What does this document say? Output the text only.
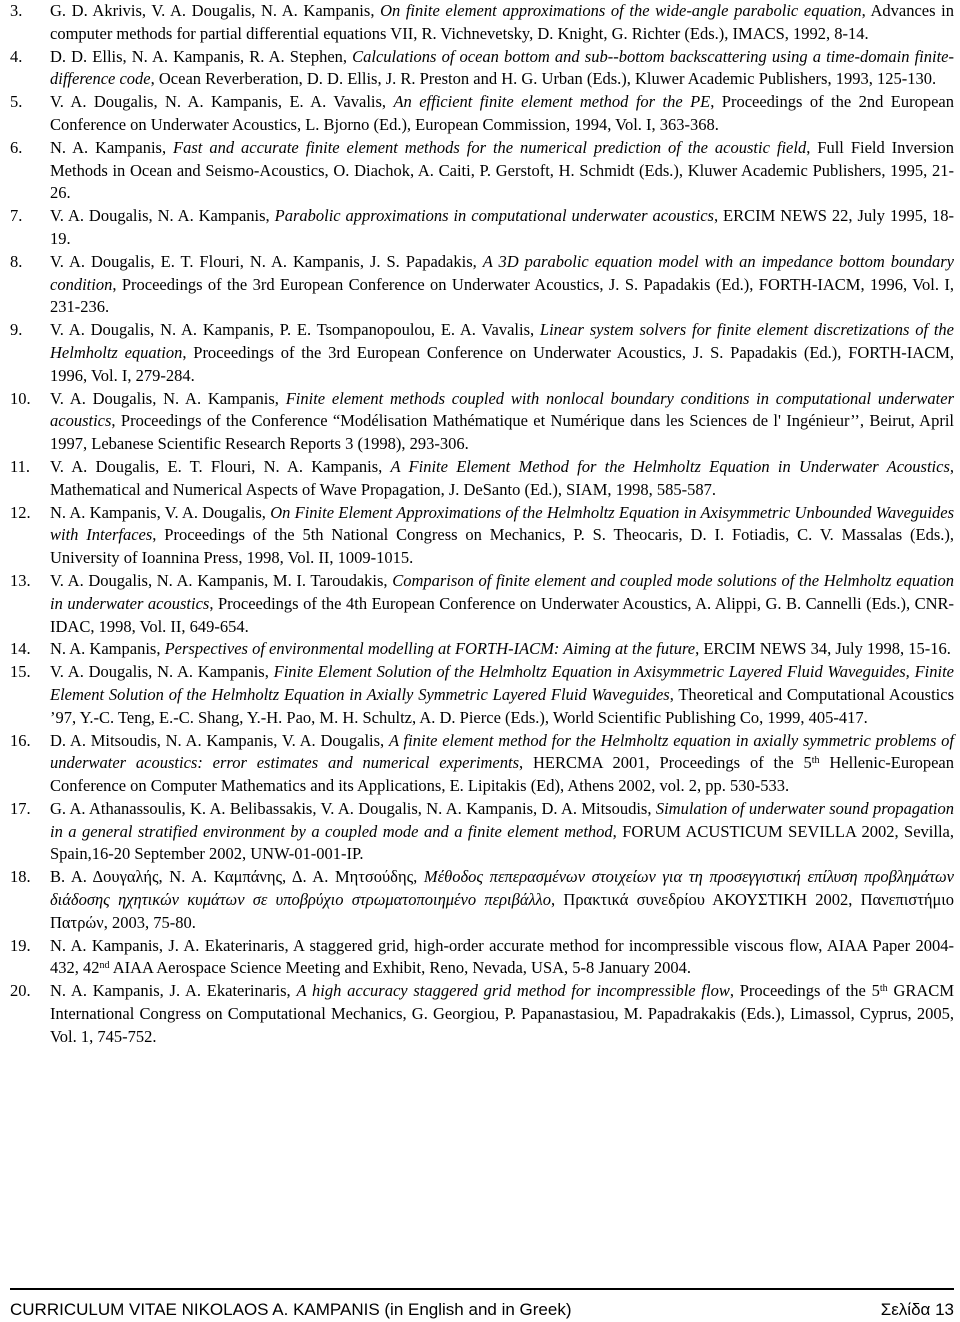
3. G. D. Akrivis, V. A. Dougalis, N. A. Kampanis, On finite element approximations of the wide-angle parabolic equation, Advances in computer methods for partial differential equations VII, R. Vichnevetsky, D. Knight, G. Richter (Eds.), IMACS, 1992, 8-14.
4. D. D. Ellis, N. A. Kampanis, R. A. Stephen, Calculations of ocean bottom and sub--bottom backscattering using a time-domain finite-difference code, Ocean Reverberation, D. D. Ellis, J. R. Preston and H. G. Urban (Eds.), Kluwer Academic Publishers, 1993, 125-130.
5. V. A. Dougalis, N. A. Kampanis, E. A. Vavalis, An efficient finite element method for the PE, Proceedings of the 2nd European Conference on Underwater Acoustics, L. Bjorno (Ed.), European Commission, 1994, Vol. I, 363-368.
6. N. A. Kampanis, Fast and accurate finite element methods for the numerical prediction of the acoustic field, Full Field Inversion Methods in Ocean and Seismo-Acoustics, O. Diachok, A. Caiti, P. Gerstoft, H. Schmidt (Eds.), Kluwer Academic Publishers, 1995, 21-26.
7. V. A. Dougalis, N. A. Kampanis, Parabolic approximations in computational underwater acoustics, ERCIM NEWS 22, July 1995, 18-19.
8. V. A. Dougalis, E. T. Flouri, N. A. Kampanis, J. S. Papadakis, A 3D parabolic equation model with an impedance bottom boundary condition, Proceedings of the 3rd European Conference on Underwater Acoustics, J. S. Papadakis (Ed.), FORTH-IACM, 1996, Vol. I, 231-236.
9. V. A. Dougalis, N. A. Kampanis, P. E. Tsompanopoulou, E. A. Vavalis, Linear system solvers for finite element discretizations of the Helmholtz equation, Proceedings of the 3rd European Conference on Underwater Acoustics, J. S. Papadakis (Ed.), FORTH-IACM, 1996, Vol. I, 279-284.
10. V. A. Dougalis, N. A. Kampanis, Finite element methods coupled with nonlocal boundary conditions in computational underwater acoustics, Proceedings of the Conference “Modélisation Mathématique et Numérique dans les Sciences de l' Ingénieur’’, Beirut, April 1997, Lebanese Scientific Research Reports 3 (1998), 293-306.
11. V. A. Dougalis, E. T. Flouri, N. A. Kampanis, A Finite Element Method for the Helmholtz Equation in Underwater Acoustics, Mathematical and Numerical Aspects of Wave Propagation, J. DeSanto (Ed.), SIAM, 1998, 585-587.
12. N. A. Kampanis, V. A. Dougalis, On Finite Element Approximations of the Helmholtz Equation in Axisymmetric Unbounded Waveguides with Interfaces, Proceedings of the 5th National Congress on Mechanics, P. S. Theocaris, D. I. Fotiadis, C. V. Massalas (Eds.), University of Ioannina Press, 1998, Vol. II, 1009-1015.
13. V. A. Dougalis, N. A. Kampanis, M. I. Taroudakis, Comparison of finite element and coupled mode solutions of the Helmholtz equation in underwater acoustics, Proceedings of the 4th European Conference on Underwater Acoustics, A. Alippi, G. B. Cannelli (Eds.), CNR-IDAC, 1998, Vol. II, 649-654.
14. N. A. Kampanis, Perspectives of environmental modelling at FORTH-IACM: Aiming at the future, ERCIM NEWS 34, July 1998, 15-16.
15. V. A. Dougalis, N. A. Kampanis, Finite Element Solution of the Helmholtz Equation in Axisymmetric Layered Fluid Waveguides, Finite Element Solution of the Helmholtz Equation in Axially Symmetric Layered Fluid Waveguides, Theoretical and Computational Acoustics ’97, Y.-C. Teng, E.-C. Shang, Y.-H. Pao, M. H. Schultz, A. D. Pierce (Eds.), World Scientific Publishing Co, 1999, 405-417.
16. D. A. Mitsoudis, N. A. Kampanis, V. A. Dougalis, A finite element method for the Helmholtz equation in axially symmetric problems of underwater acoustics: error estimates and numerical experiments, HERCMA 2001, Proceedings of the 5th Hellenic-European Conference on Computer Mathematics and its Applications, E. Lipitakis (Ed), Athens 2002, vol. 2, pp. 530-533.
17. G. A. Athanassoulis, K. A. Belibassakis, V. A. Dougalis, N. A. Kampanis, D. A. Mitsoudis, Simulation of underwater sound propagation in a general stratified environment by a coupled mode and a finite element method, FORUM ACUSTICUM SEVILLA 2002, Sevilla, Spain,16-20 September 2002, UNW-01-001-IP.
18. Β. Α. Δουγαλής, Ν. Α. Καμπάνης, Δ. Α. Μητσούδης, Μέθοδος πεπερασμένων στοιχείων για τη προσεγγιστική επίλυση προβλημάτων διάδοσης ηχητικών κυμάτων σε υποβρύχιο στρωματοποιημένο περιβάλλο, Πρακτικά συνεδρίου ΑΚΟΥΣΤΙΚΗ 2002, Πανεπιστήμιο Πατρών, 2003, 75-80.
19. N. A. Kampanis, J. A. Ekaterinaris, A staggered grid, high-order accurate method for incompressible viscous flow, AIAA Paper 2004-432, 42nd AIAA Aerospace Science Meeting and Exhibit, Reno, Nevada, USA, 5-8 January 2004.
20. N. A. Kampanis, J. A. Ekaterinaris, A high accuracy staggered grid method for incompressible flow, Proceedings of the 5th GRACM International Congress on Computational Mechanics, G. Georgiou, P. Papanastasiou, M. Papadrakakis (Eds.), Limassol, Cyprus, 2005, Vol. 1, 745-752.
CURRICULUM VITAE NIKOLAOS A. KAMPANIS (in English and in Greek)	Σελίδα 13
